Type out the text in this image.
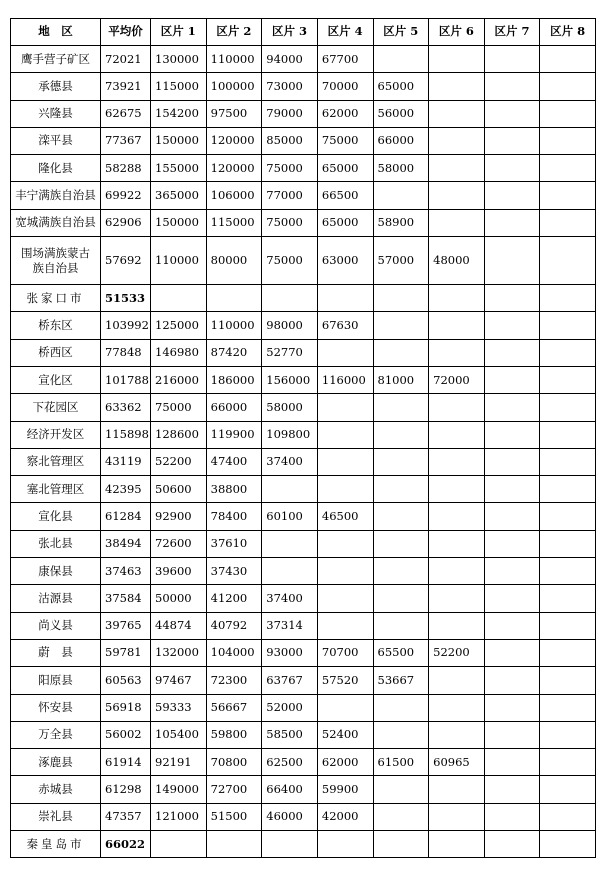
地　区	平均价	区片 1	区片 2	区片 3	区片 4	区片 5	区片 6	区片 7	区片 8
鹰手营子矿区	72021	130000	110000	94000	67700				
承德县	73921	115000	100000	73000	70000	65000			
兴隆县	62675	154200	97500	79000	62000	56000			
滦平县	77367	150000	120000	85000	75000	66000			
隆化县	58288	155000	120000	75000	65000	58000			
丰宁满族自治县	69922	365000	106000	77000	66500				
宽城满族自治县	62906	150000	115000	75000	65000	58900			
围场满族蒙古族自治县	57692	110000	80000	75000	63000	57000	48000		
张家口市	51533								
桥东区	103992	125000	110000	98000	67630				
桥西区	77848	146980	87420	52770					
宣化区	101788	216000	186000	156000	116000	81000	72000		
下花园区	63362	75000	66000	58000					
经济开发区	115898	128600	119900	109800					
察北管理区	43119	52200	47400	37400					
塞北管理区	42395	50600	38800						
宣化县	61284	92900	78400	60100	46500				
张北县	38494	72600	37610						
康保县	37463	39600	37430						
沽源县	37584	50000	41200	37400					
尚义县	39765	44874	40792	37314					
蔚　县	59781	132000	104000	93000	70700	65500	52200		
阳原县	60563	97467	72300	63767	57520	53667			
怀安县	56918	59333	56667	52000					
万全县	56002	105400	59800	58500	52400				
涿鹿县	61914	92191	70800	62500	62000	61500	60965		
赤城县	61298	149000	72700	66400	59900				
崇礼县	47357	121000	51500	46000	42000				
秦皇岛市	66022								
